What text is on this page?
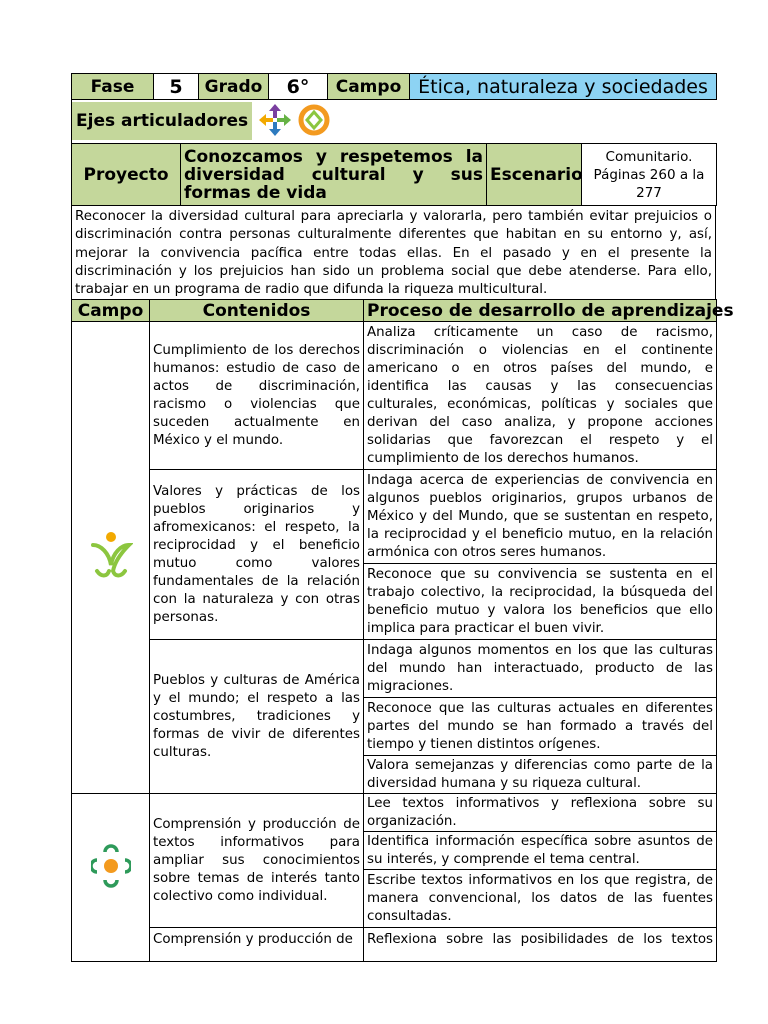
Fase	5	Grado	6°	Campo	Ética, naturaleza y sociedades
Ejes articuladores
Proyecto	Conozcamos y respetemos la diversidad cultural y sus formas de vida	Escenario	Comunitario. Páginas 260 a la 277
Reconocer la diversidad cultural para apreciarla y valorarla, pero también evitar prejuicios o discriminación contra personas culturalmente diferentes que habitan en su entorno y, así, mejorar la convivencia pacífica entre todas ellas. En el pasado y en el presente la discriminación y los prejuicios han sido un problema social que debe atenderse. Para ello, trabajar en un programa de radio que difunda la riqueza multicultural.
Campo	Contenidos	Proceso de desarrollo de aprendizajes
	Cumplimiento de los derechos humanos: estudio de caso de actos de discriminación, racismo o violencias que suceden actualmente en México y el mundo.	Analiza críticamente un caso de racismo, discriminación o violencias en el continente americano o en otros países del mundo, e identifica las causas y las consecuencias culturales, económicas, políticas y sociales que derivan del caso analiza, y propone acciones solidarias que favorezcan el respeto y el cumplimiento de los derechos humanos.
	Valores y prácticas de los pueblos originarios y afromexicanos: el respeto, la reciprocidad y el beneficio mutuo como valores fundamentales de la relación con la naturaleza y con otras personas.	Indaga acerca de experiencias de convivencia en algunos pueblos originarios, grupos urbanos de México y del Mundo, que se sustentan en respeto, la reciprocidad y el beneficio mutuo, en la relación armónica con otros seres humanos.
		Reconoce que su convivencia se sustenta en el trabajo colectivo, la reciprocidad, la búsqueda del beneficio mutuo y valora los beneficios que ello implica para practicar el buen vivir.
	Pueblos y culturas de América y el mundo; el respeto a las costumbres, tradiciones y formas de vivir de diferentes culturas.	Indaga algunos momentos en los que las culturas del mundo han interactuado, producto de las migraciones.
		Reconoce que las culturas actuales en diferentes partes del mundo se han formado a través del tiempo y tienen distintos orígenes.
		Valora semejanzas y diferencias como parte de la diversidad humana y su riqueza cultural.
	Comprensión y producción de textos informativos para ampliar sus conocimientos sobre temas de interés tanto colectivo como individual.	Lee textos informativos y reflexiona sobre su organización.
		Identifica información específica sobre asuntos de su interés, y comprende el tema central.
		Escribe textos informativos en los que registra, de manera convencional, los datos de las fuentes consultadas.
	Comprensión y producción de	Reflexiona sobre las posibilidades de los textos
